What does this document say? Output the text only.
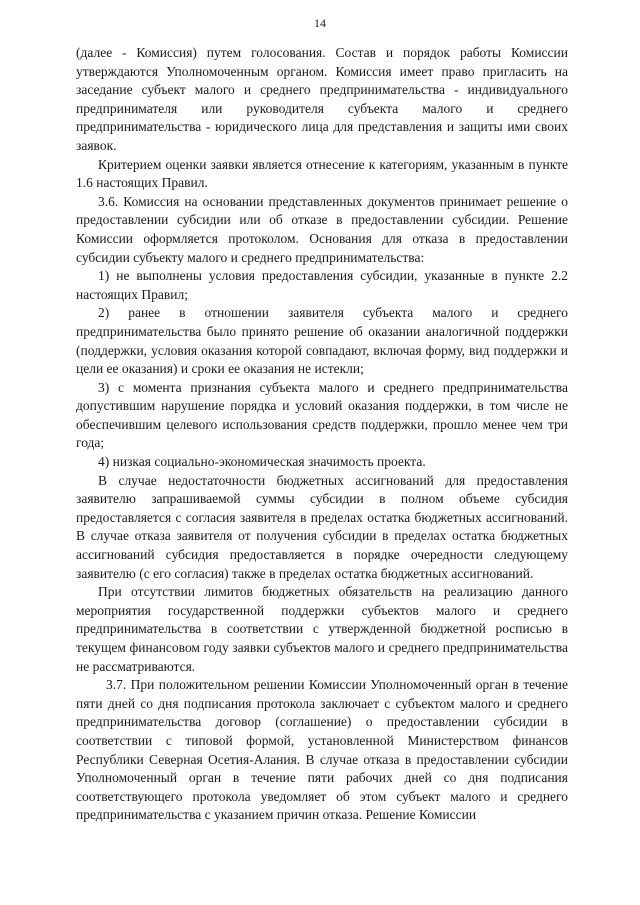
14

(далее - Комиссия) путем голосования. Состав и порядок работы Комиссии утверждаются Уполномоченным органом. Комиссия имеет право пригласить на заседание субъект малого и среднего предпринимательства - индивидуального предпринимателя или руководителя субъекта малого и среднего предпринимательства - юридического лица для представления и защиты ими своих заявок.

Критерием оценки заявки является отнесение к категориям, указанным в пункте 1.6 настоящих Правил.

3.6. Комиссия на основании представленных документов принимает решение о предоставлении субсидии или об отказе в предоставлении субсидии. Решение Комиссии оформляется протоколом. Основания для отказа в предоставлении субсидии субъекту малого и среднего предпринимательства:

1) не выполнены условия предоставления субсидии, указанные в пункте 2.2 настоящих Правил;

2) ранее в отношении заявителя субъекта малого и среднего предпринимательства было принято решение об оказании аналогичной поддержки (поддержки, условия оказания которой совпадают, включая форму, вид поддержки и цели ее оказания) и сроки ее оказания не истекли;

3) с момента признания субъекта малого и среднего предпринимательства допустившим нарушение порядка и условий оказания поддержки, в том числе не обеспечившим целевого использования средств поддержки, прошло менее чем три года;

4) низкая социально-экономическая значимость проекта.

В случае недостаточности бюджетных ассигнований для предоставления заявителю запрашиваемой суммы субсидии в полном объеме субсидия предоставляется с согласия заявителя в пределах остатка бюджетных ассигнований. В случае отказа заявителя от получения субсидии в пределах остатка бюджетных ассигнований субсидия предоставляется в порядке очередности следующему заявителю (с его согласия) также в пределах остатка бюджетных ассигнований.

При отсутствии лимитов бюджетных обязательств на реализацию данного мероприятия государственной поддержки субъектов малого и среднего предпринимательства в соответствии с утвержденной бюджетной росписью в текущем финансовом году заявки субъектов малого и среднего предпринимательства не рассматриваются.

3.7. При положительном решении Комиссии Уполномоченный орган в течение пяти дней со дня подписания протокола заключает с субъектом малого и среднего предпринимательства договор (соглашение) о предоставлении субсидии в соответствии с типовой формой, установленной Министерством финансов Республики Северная Осетия-Алания. В случае отказа в предоставлении субсидии Уполномоченный орган в течение пяти рабочих дней со дня подписания соответствующего протокола уведомляет об этом субъект малого и среднего предпринимательства с указанием причин отказа. Решение Комиссии
